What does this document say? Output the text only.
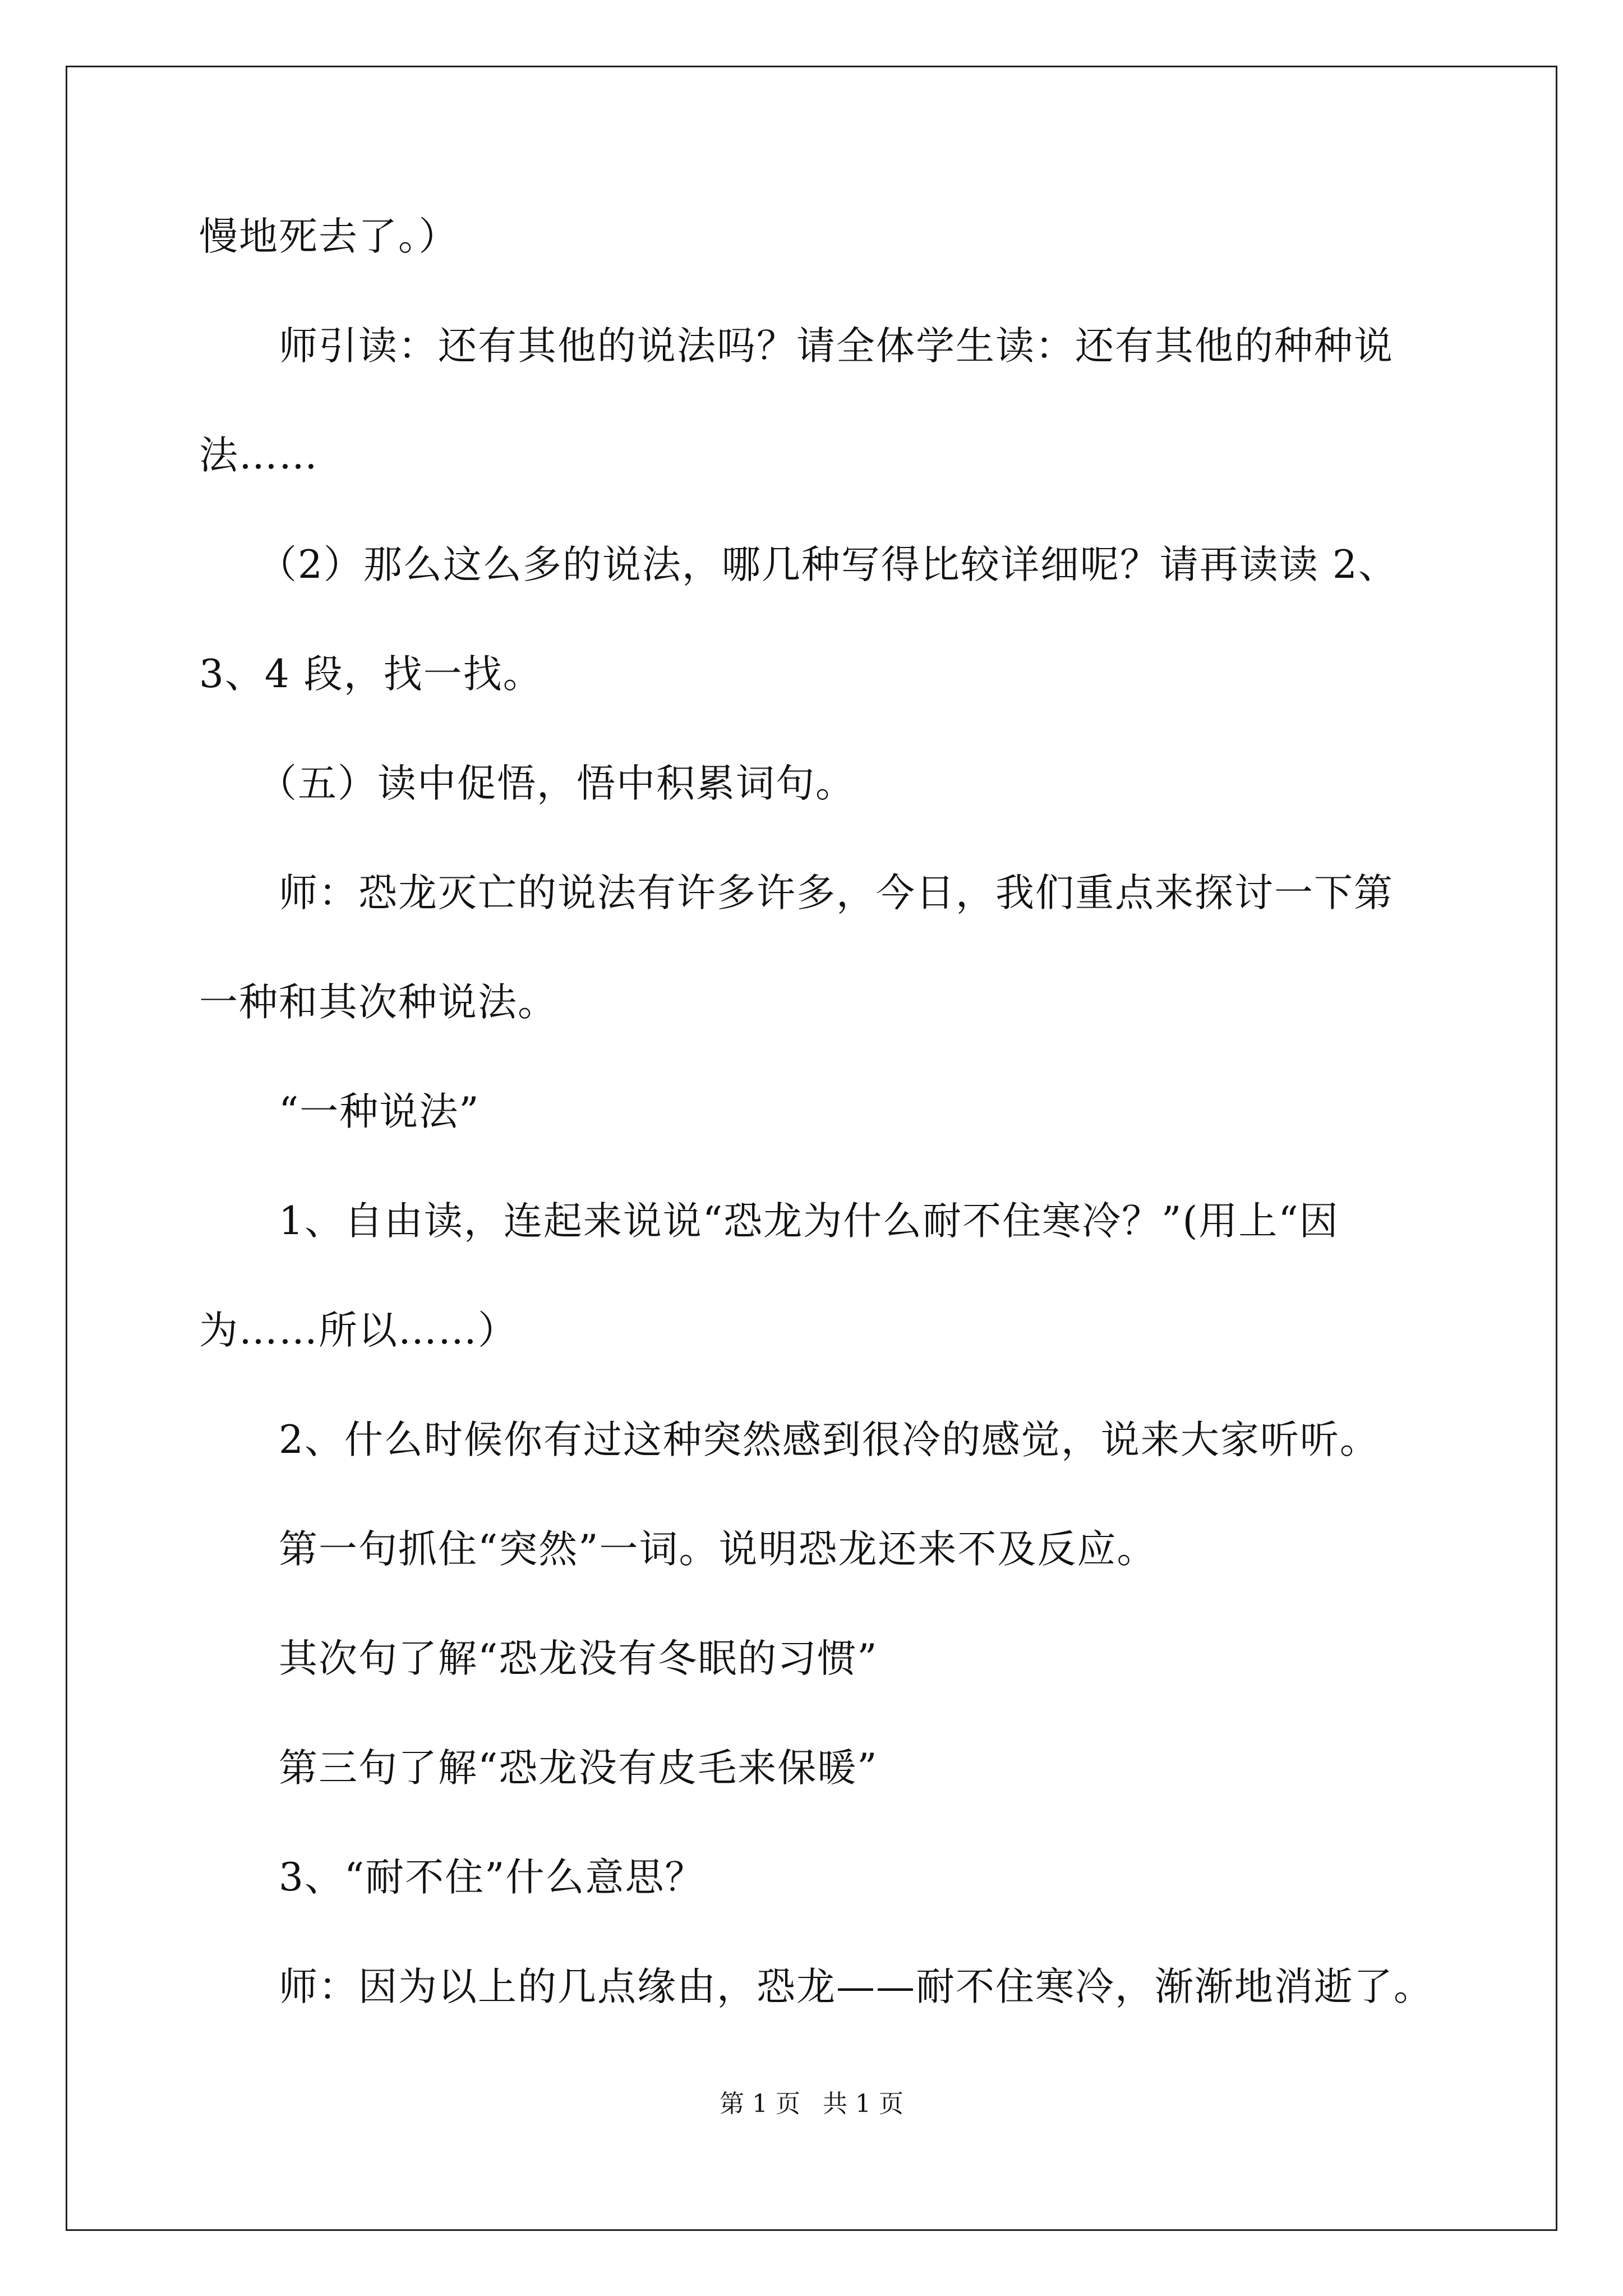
慢地死去了。）
师引读：还有其他的说法吗？请全体学生读：还有其他的种种说
法……
（2）那么这么多的说法，哪几种写得比较详细呢？请再读读 2、
3、4 段，找一找。
（五）读中促悟，悟中积累词句。
师：恐龙灭亡的说法有许多许多，今日，我们重点来探讨一下第
一种和其次种说法。
“一种说法”
1、自由读，连起来说说“恐龙为什么耐不住寒冷？”(用上“因
为……所以……）
2、什么时候你有过这种突然感到很冷的感觉，说来大家听听。
第一句抓住“突然”一词。说明恐龙还来不及反应。
其次句了解“恐龙没有冬眠的习惯”
第三句了解“恐龙没有皮毛来保暖”
3、“耐不住”什么意思？
师：因为以上的几点缘由，恐龙——耐不住寒冷，渐渐地消逝了。
第 1 页 共 1 页
